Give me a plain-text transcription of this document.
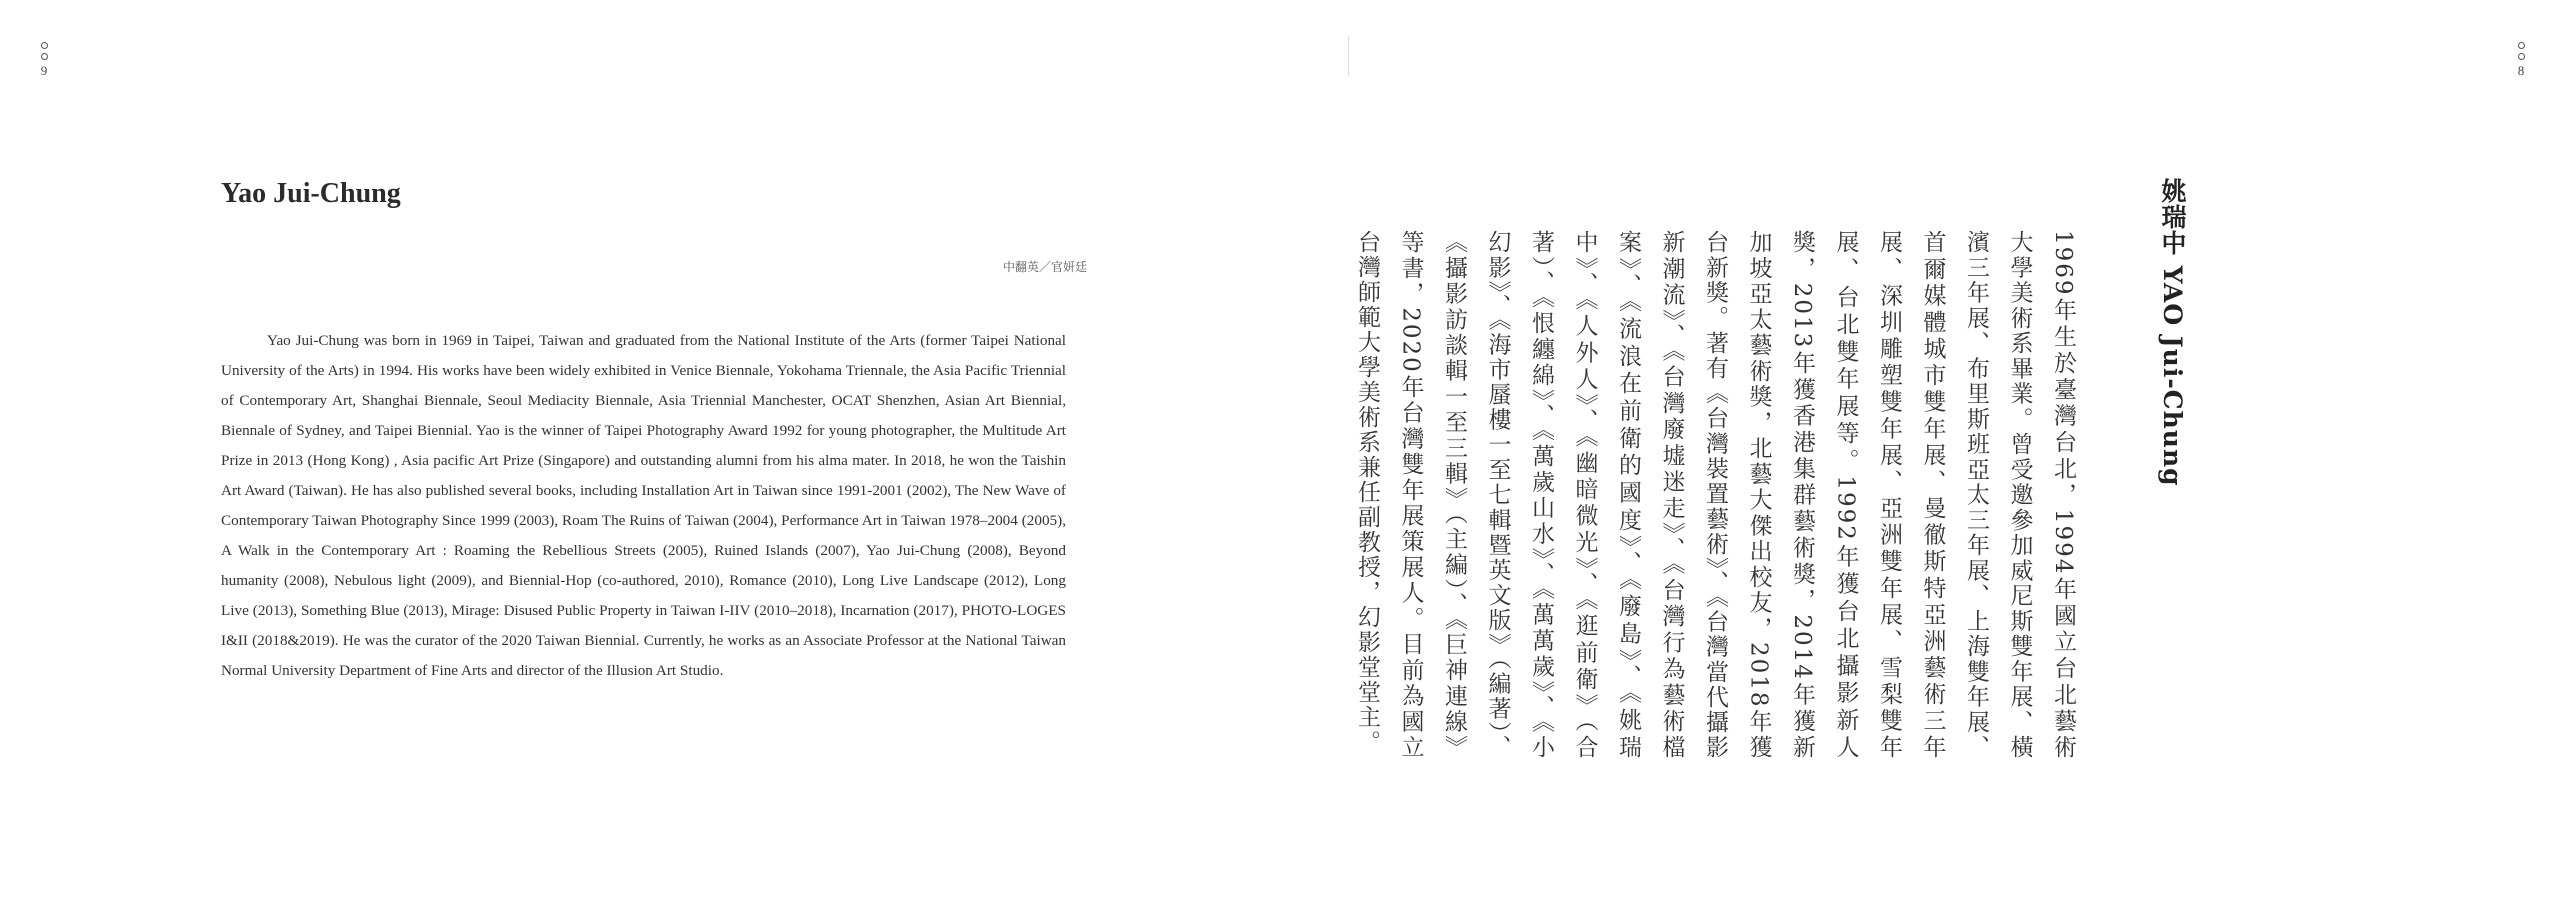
9	8
Yao Jui-Chung
中翻英／官妍廷

Yao Jui-Chung was born in 1969 in Taipei, Taiwan and graduated from the National Institute of the Arts (former Taipei National University of the Arts) in 1994. His works have been widely exhibited in Venice Biennale, Yokohama Triennale, the Asia Pacific Triennial of Contemporary Art, Shanghai Biennale, Seoul Mediacity Biennale, Asia Triennial Manchester, OCAT Shenzhen, Asian Art Biennial, Biennale of Sydney, and Taipei Biennial. Yao is the winner of Taipei Photography Award 1992 for young photographer, the Multitude Art Prize in 2013 (Hong Kong) , Asia pacific Art Prize (Singapore) and outstanding alumni from his alma mater. In 2018, he won the Taishin Art Award (Taiwan). He has also published several books, including Installation Art in Taiwan since 1991-2001 (2002), The New Wave of Contemporary Taiwan Photography Since 1999 (2003), Roam The Ruins of Taiwan (2004), Performance Art in Taiwan 1978–2004 (2005), A Walk in the Contemporary Art : Roaming the Rebellious Streets (2005), Ruined Islands (2007), Yao Jui-Chung (2008), Beyond humanity (2008), Nebulous light (2009), and Biennial-Hop (co-authored, 2010), Romance (2010), Long Live Landscape (2012), Long Live (2013), Something Blue (2013), Mirage: Disused Public Property in Taiwan I-IIV (2010–2018), Incarnation (2017), PHOTO-LOGES I&II (2018&2019). He was the curator of the 2020 Taiwan Biennial. Currently, he works as an Associate Professor at the National Taiwan Normal University Department of Fine Arts and director of the Illusion Art Studio.

姚瑞中 YAO Jui-Chung

1969年生於臺灣台北，1994年國立台北藝術大學美術系畢業。曾受邀參加威尼斯雙年展、橫濱三年展、布里斯班亞太三年展、上海雙年展、首爾媒體城市雙年展、曼徹斯特亞洲藝術三年展、深圳雕塑雙年展、亞洲雙年展、雪梨雙年展、台北雙年展等。1992年獲台北攝影新人獎，2013年獲香港集群藝術獎，2014年獲新加坡亞太藝術獎，北藝大傑出校友，2018年獲台新獎。著有《台灣裝置藝術》、《台灣當代攝影新潮流》、《台灣廢墟迷走》、《台灣行為藝術檔案》、《流浪在前衛的國度》、《廢島》、《姚瑞中》、《人外人》、《幽暗微光》、《逛前衛》（合著）、《恨纏綿》、《萬歲山水》、《萬萬歲》、《小幻影》、《海市蜃樓一至七輯暨英文版》（編著）、《攝影訪談輯一至三輯》（主編）、《巨神連線》等書，2020年台灣雙年展策展人。目前為國立台灣師範大學美術系兼任副教授，幻影堂堂主。
